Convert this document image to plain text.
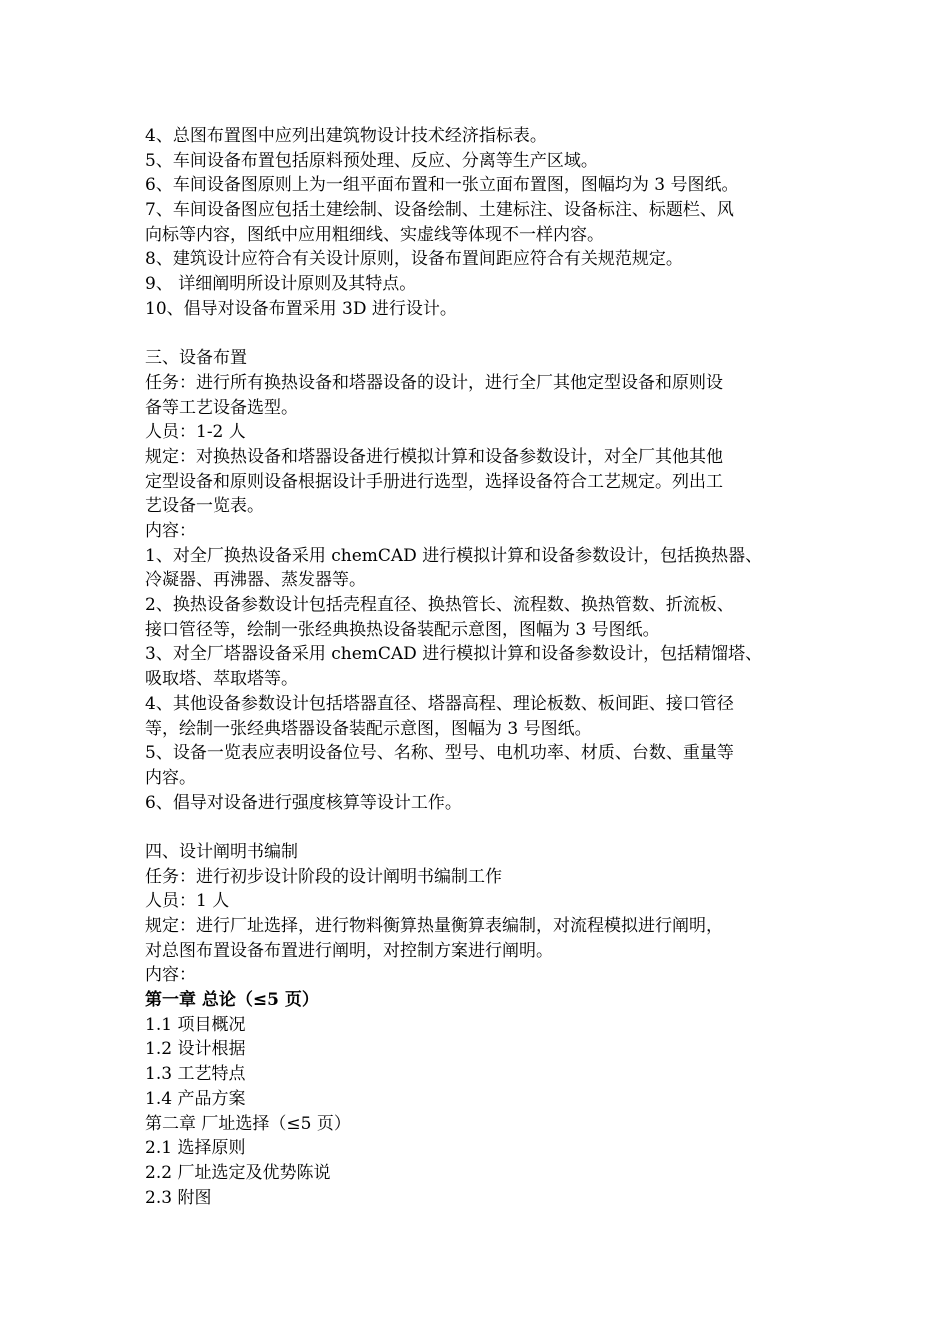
4、总图布置图中应列出建筑物设计技术经济指标表。
5、车间设备布置包括原料预处理、反应、分离等生产区域。
6、车间设备图原则上为一组平面布置和一张立面布置图，图幅均为 3 号图纸。
7、车间设备图应包括土建绘制、设备绘制、土建标注、设备标注、标题栏、风
向标等内容，图纸中应用粗细线、实虚线等体现不一样内容。
8、建筑设计应符合有关设计原则，设备布置间距应符合有关规范规定。
9、 详细阐明所设计原则及其特点。
10、倡导对设备布置采用 3D 进行设计。
三、设备布置
任务：进行所有换热设备和塔器设备的设计，进行全厂其他定型设备和原则设
备等工艺设备选型。
人员：1-2 人
规定：对换热设备和塔器设备进行模拟计算和设备参数设计，对全厂其他其他
定型设备和原则设备根据设计手册进行选型，选择设备符合工艺规定。列出工
艺设备一览表。
内容：
1、对全厂换热设备采用 chemCAD 进行模拟计算和设备参数设计，包括换热器、
冷凝器、再沸器、蒸发器等。
2、换热设备参数设计包括壳程直径、换热管长、流程数、换热管数、折流板、
接口管径等，绘制一张经典换热设备装配示意图，图幅为 3 号图纸。
3、对全厂塔器设备采用 chemCAD 进行模拟计算和设备参数设计，包括精馏塔、
吸取塔、萃取塔等。
4、其他设备参数设计包括塔器直径、塔器高程、理论板数、板间距、接口管径
等，绘制一张经典塔器设备装配示意图，图幅为 3 号图纸。
5、设备一览表应表明设备位号、名称、型号、电机功率、材质、台数、重量等
内容。
6、倡导对设备进行强度核算等设计工作。
四、设计阐明书编制
任务：进行初步设计阶段的设计阐明书编制工作
人员：1 人
规定：进行厂址选择，进行物料衡算热量衡算表编制，对流程模拟进行阐明，
对总图布置设备布置进行阐明，对控制方案进行阐明。
内容：
第一章 总论（≤5 页）
1.1 项目概况
1.2 设计根据
1.3 工艺特点
1.4 产品方案
第二章 厂址选择（≤5 页）
2.1 选择原则
2.2 厂址选定及优势陈说
2.3 附图
